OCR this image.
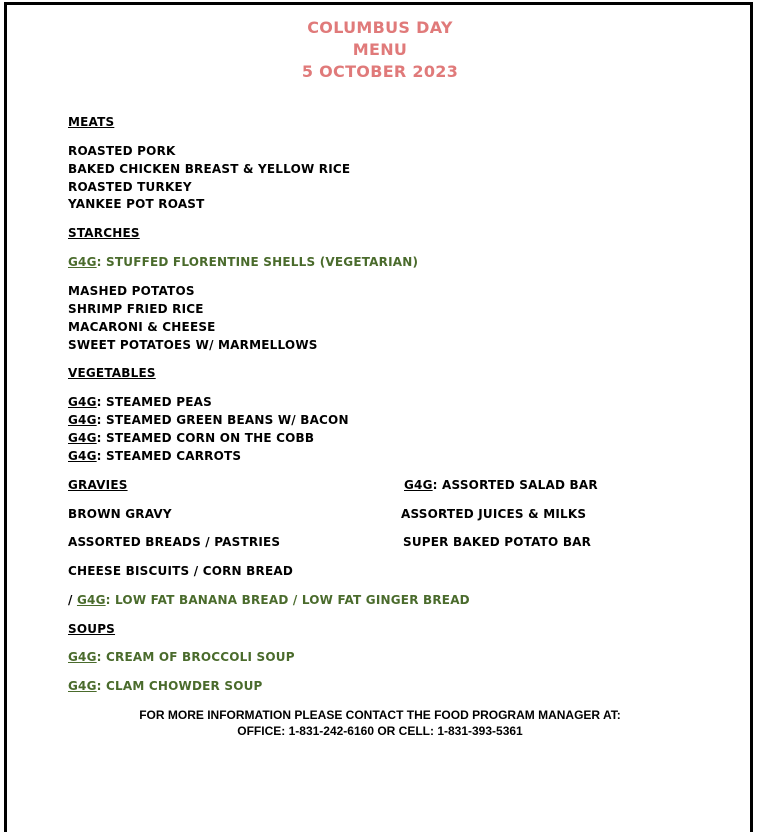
COLUMBUS DAY
MENU
5 OCTOBER 2023
MEATS
ROASTED PORK
BAKED CHICKEN BREAST & YELLOW RICE
ROASTED TURKEY
YANKEE POT ROAST
STARCHES
G4G: STUFFED FLORENTINE SHELLS (VEGETARIAN)
MASHED POTATOS
SHRIMP FRIED RICE
MACARONI & CHEESE
SWEET POTATOES W/ MARMELLOWS
VEGETABLES
G4G: STEAMED PEAS
G4G: STEAMED GREEN BEANS W/ BACON
G4G: STEAMED CORN ON THE COBB
G4G: STEAMED CARROTS
GRAVIES	G4G: ASSORTED SALAD BAR
BROWN GRAVY	ASSORTED JUICES & MILKS
ASSORTED BREADS / PASTRIES	SUPER BAKED POTATO BAR
CHEESE BISCUITS / CORN BREAD
/ G4G: LOW FAT BANANA BREAD / LOW FAT GINGER BREAD
SOUPS
G4G: CREAM OF BROCCOLI SOUP
G4G: CLAM CHOWDER SOUP
FOR MORE INFORMATION PLEASE CONTACT THE FOOD PROGRAM MANAGER AT:
OFFICE: 1-831-242-6160 OR CELL: 1-831-393-5361
